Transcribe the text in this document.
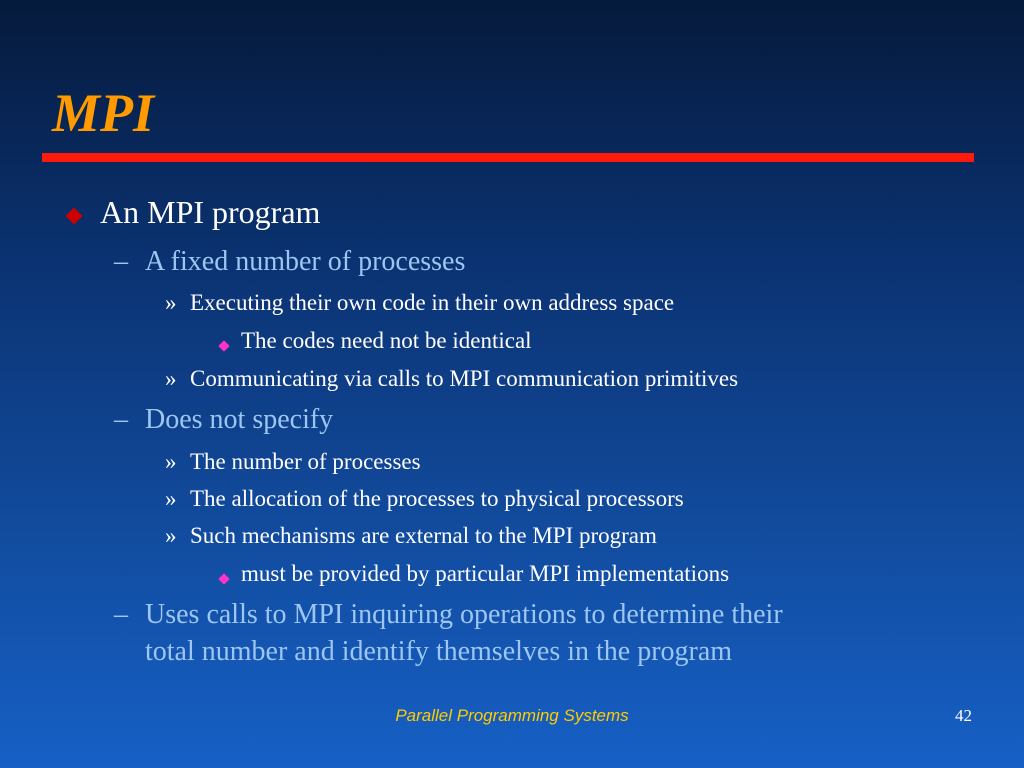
MPI
An MPI program
– A fixed number of processes
» Executing their own code in their own address space
The codes need not be identical
» Communicating via calls to MPI communication primitives
– Does not specify
» The number of processes
» The allocation of the processes to physical processors
» Such mechanisms are external to the MPI program
must be provided by particular MPI implementations
– Uses calls to MPI inquiring operations to determine their
total number and identify themselves in the program
Parallel Programming Systems	42
